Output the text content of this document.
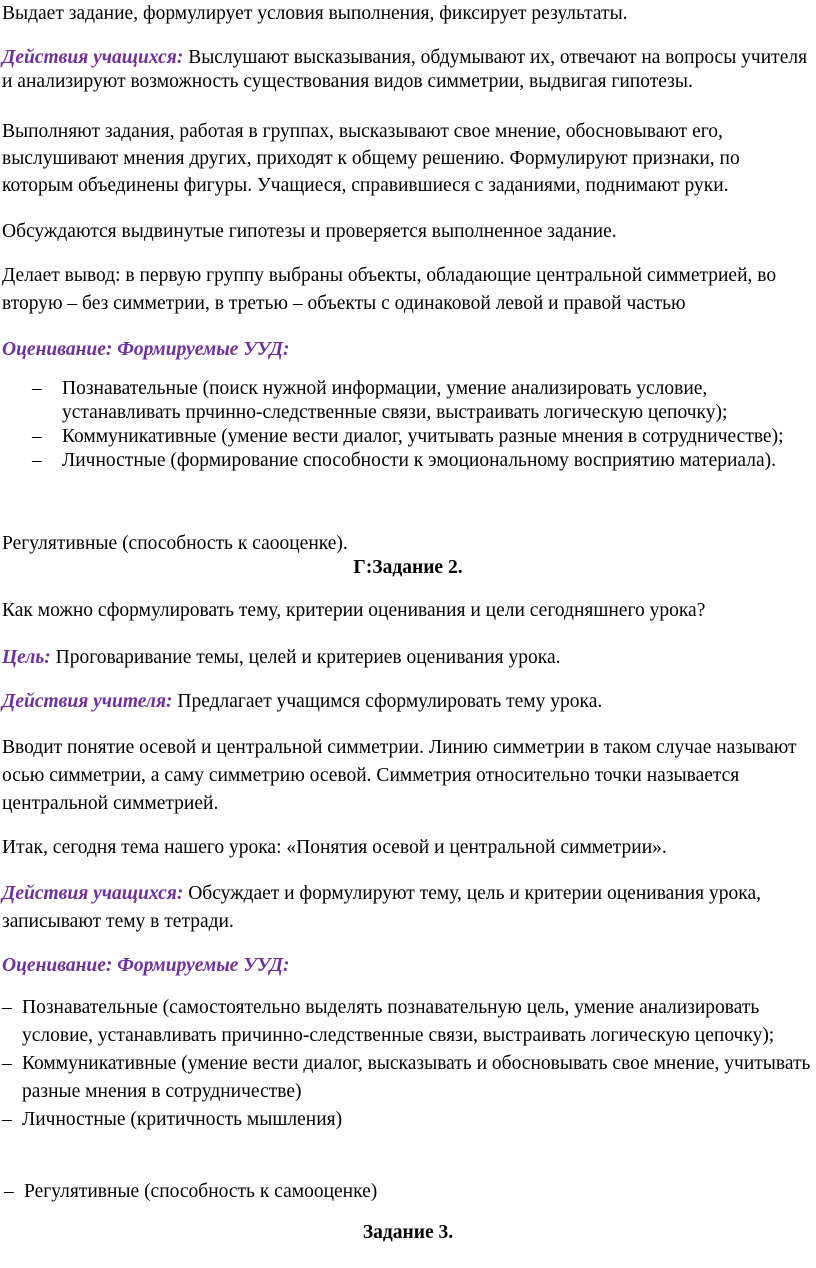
Выдает задание, формулирует условия выполнения, фиксирует результаты.

Действия учащихся: Выслушают высказывания, обдумывают их, отвечают на вопросы учителя и анализируют возможность существования видов симметрии, выдвигая гипотезы.

Выполняют задания, работая в группах, высказывают свое мнение, обосновывают его, выслушивают мнения других, приходят к общему решению. Формулируют признаки, по которым объединены фигуры. Учащиеся, справившиеся с заданиями, поднимают руки.

Обсуждаются выдвинутые гипотезы и проверяется выполненное задание.

Делает вывод: в первую группу выбраны объекты, обладающие центральной симметрией, во вторую – без симметрии, в третью – объекты с одинаковой левой и правой частью

Оценивание: Формируемые УУД:

– Познавательные (поиск нужной информации, умение анализировать условие, устанавливать прчинно-следственные связи, выстраивать логическую цепочку);
– Коммуникативные (умение вести диалог, учитывать разные мнения в сотрудничестве);
– Личностные (формирование способности к эмоциональному восприятию материала).

Регулятивные (способность к саооценке).

Г:Задание 2.

Как можно сформулировать тему, критерии оценивания и цели сегодняшнего урока?

Цель: Проговаривание темы, целей и критериев оценивания урока.

Действия учителя: Предлагает учащимся сформулировать тему урока.

Вводит понятие осевой и центральной симметрии. Линию симметрии в таком случае называют осью симметрии, а саму симметрию осевой. Симметрия относительно точки называется центральной симметрией.

Итак, сегодня тема нашего урока: «Понятия осевой и центральной симметрии».

Действия учащихся: Обсуждает и формулируют тему, цель и критерии оценивания урока, записывают тему в тетради.

Оценивание: Формируемые УУД:

– Познавательные (самостоятельно выделять познавательную цель, умение анализировать условие, устанавливать причинно-следственные связи, выстраивать логическую цепочку);
– Коммуникативные (умение вести диалог, высказывать и обосновывать свое мнение, учитывать разные мнения в сотрудничестве)
– Личностные (критичность мышления)

– Регулятивные (способность к самооценке)

Задание 3.
